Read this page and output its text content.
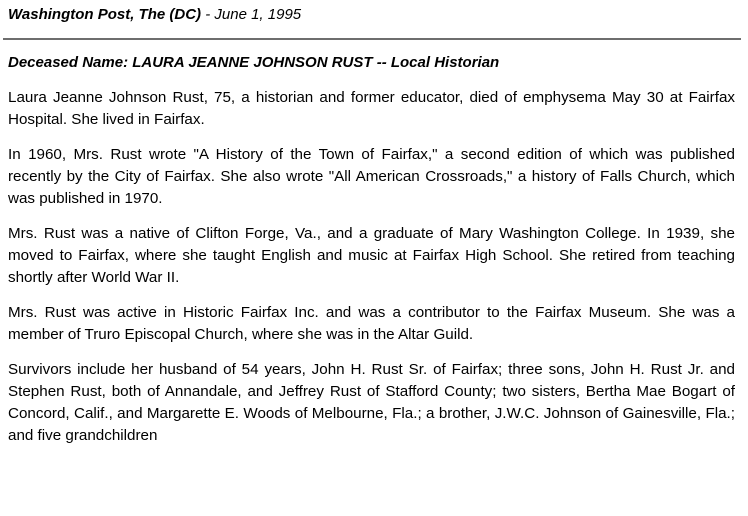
Washington Post, The (DC) - June 1, 1995
Deceased Name: LAURA JEANNE JOHNSON RUST -- Local Historian

Laura Jeanne Johnson Rust, 75, a historian and former educator, died of emphysema May 30 at Fairfax Hospital. She lived in Fairfax.

In 1960, Mrs. Rust wrote "A History of the Town of Fairfax," a second edition of which was published recently by the City of Fairfax. She also wrote "All American Crossroads," a history of Falls Church, which was published in 1970.

Mrs. Rust was a native of Clifton Forge, Va., and a graduate of Mary Washington College. In 1939, she moved to Fairfax, where she taught English and music at Fairfax High School. She retired from teaching shortly after World War II.

Mrs. Rust was active in Historic Fairfax Inc. and was a contributor to the Fairfax Museum. She was a member of Truro Episcopal Church, where she was in the Altar Guild.

Survivors include her husband of 54 years, John H. Rust Sr. of Fairfax; three sons, John H. Rust Jr. and Stephen Rust, both of Annandale, and Jeffrey Rust of Stafford County; two sisters, Bertha Mae Bogart of Concord, Calif., and Margarette E. Woods of Melbourne, Fla.; a brother, J.W.C. Johnson of Gainesville, Fla.; and five grandchildren
